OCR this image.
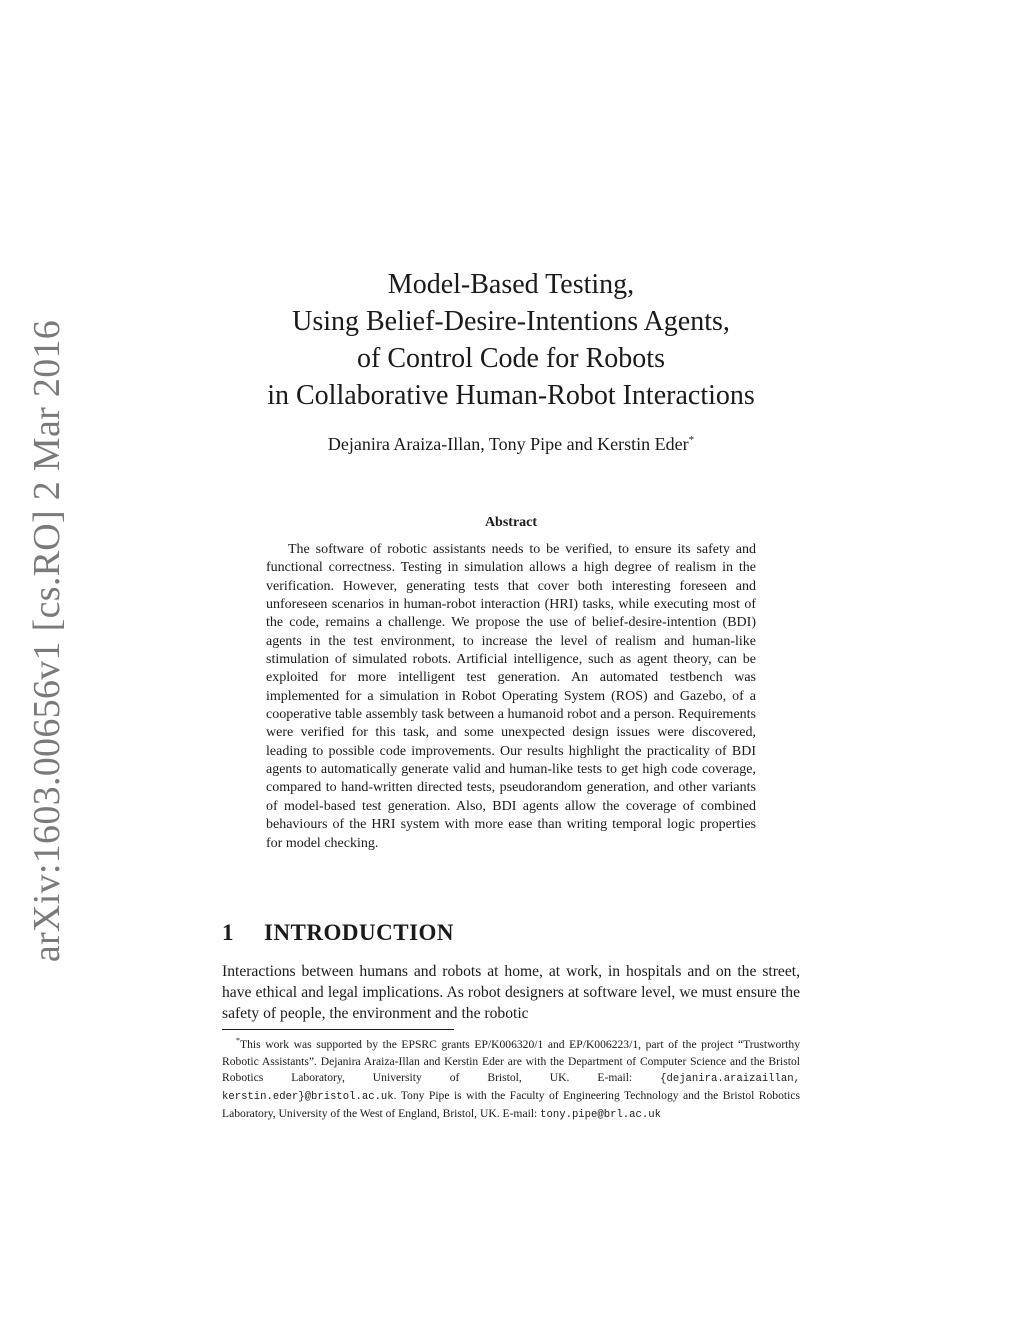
arXiv:1603.00656v1 [cs.RO] 2 Mar 2016
Model-Based Testing,
Using Belief-Desire-Intentions Agents,
of Control Code for Robots
in Collaborative Human-Robot Interactions
Dejanira Araiza-Illan, Tony Pipe and Kerstin Eder*
Abstract

The software of robotic assistants needs to be verified, to ensure its safety and functional correctness. Testing in simulation allows a high degree of realism in the verification. However, generating tests that cover both interesting foreseen and unforeseen scenarios in human-robot interaction (HRI) tasks, while executing most of the code, remains a challenge. We propose the use of belief-desire-intention (BDI) agents in the test environment, to increase the level of realism and human-like stimulation of simulated robots. Artificial intelligence, such as agent theory, can be exploited for more intelligent test generation. An automated testbench was implemented for a simulation in Robot Operating System (ROS) and Gazebo, of a cooperative table assembly task between a humanoid robot and a person. Requirements were verified for this task, and some unexpected design issues were discovered, leading to possible code improvements. Our results highlight the practicality of BDI agents to automatically generate valid and human-like tests to get high code coverage, compared to hand-written directed tests, pseudorandom generation, and other variants of model-based test generation. Also, BDI agents allow the coverage of combined behaviours of the HRI system with more ease than writing temporal logic properties for model checking.

1 INTRODUCTION

Interactions between humans and robots at home, at work, in hospitals and on the street, have ethical and legal implications. As robot designers at software level, we must ensure the safety of people, the environment and the robotic

*This work was supported by the EPSRC grants EP/K006320/1 and EP/K006223/1, part of the project “Trustworthy Robotic Assistants”. Dejanira Araiza-Illan and Kerstin Eder are with the Department of Computer Science and the Bristol Robotics Laboratory, University of Bristol, UK. E-mail: {dejanira.araizaillan, kerstin.eder}@bristol.ac.uk. Tony Pipe is with the Faculty of Engineering Technology and the Bristol Robotics Laboratory, University of the West of England, Bristol, UK. E-mail: tony.pipe@brl.ac.uk
